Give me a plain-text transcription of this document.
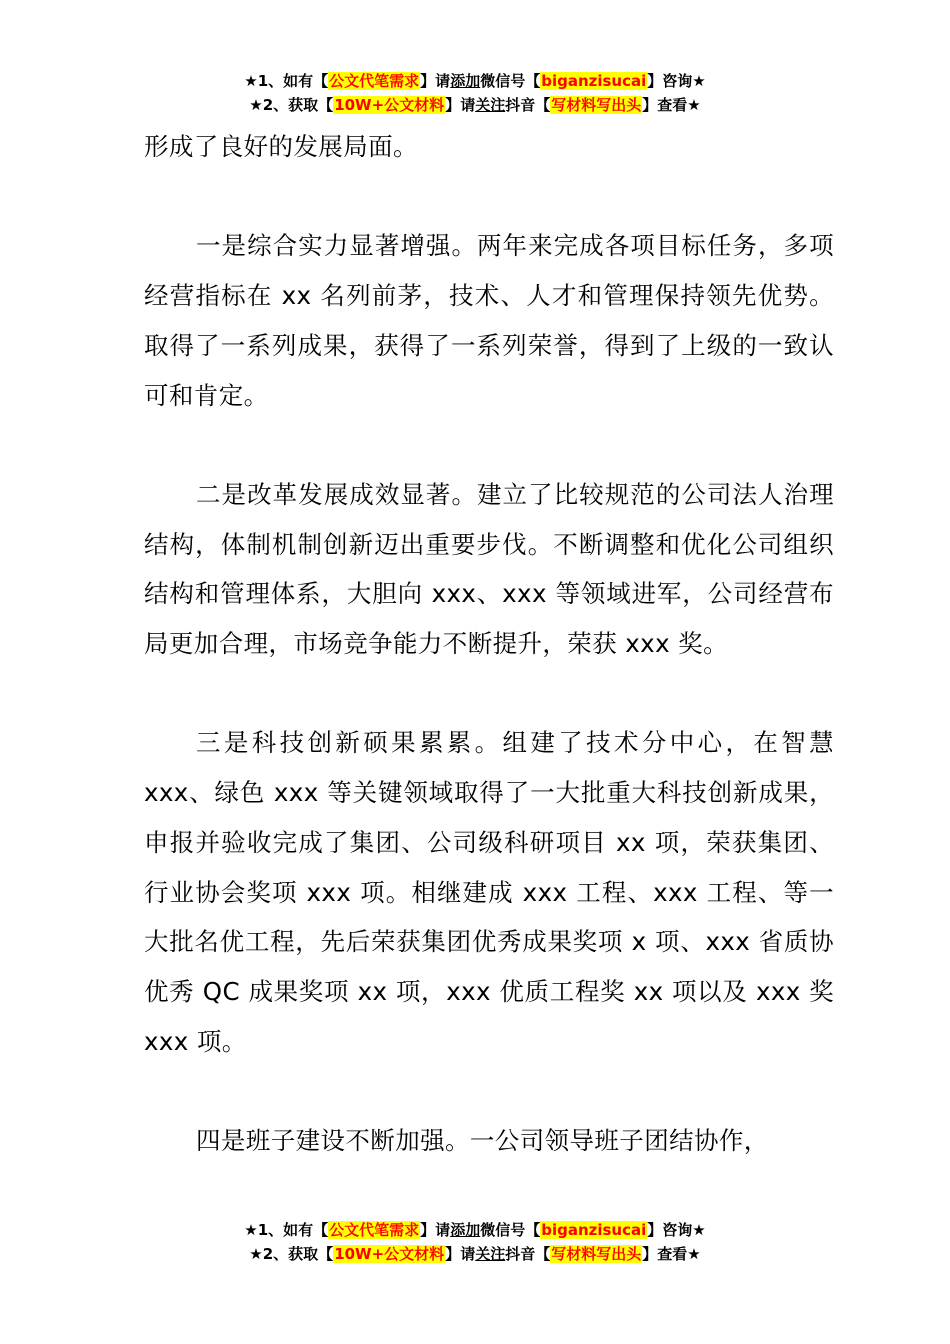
★1、如有【公文代笔需求】请添加微信号【biganzisucai】咨询★
★2、获取【10W+公文材料】请关注抖音【写材料写出头】查看★

形成了良好的发展局面。

一是综合实力显著增强。两年来完成各项目标任务，多项经营指标在 xx 名列前茅，技术、人才和管理保持领先优势。取得了一系列成果，获得了一系列荣誉，得到了上级的一致认可和肯定。

二是改革发展成效显著。建立了比较规范的公司法人治理结构，体制机制创新迈出重要步伐。不断调整和优化公司组织结构和管理体系，大胆向 xxx、xxx 等领域进军，公司经营布局更加合理，市场竞争能力不断提升，荣获 xxx 奖。

三是科技创新硕果累累。组建了技术分中心，在智慧 xxx、绿色 xxx 等关键领域取得了一大批重大科技创新成果，申报并验收完成了集团、公司级科研项目 xx 项，荣获集团、行业协会奖项 xxx 项。相继建成 xxx 工程、xxx 工程、等一大批名优工程，先后荣获集团优秀成果奖项 x 项、xxx 省质协优秀 QC 成果奖项 xx 项，xxx 优质工程奖 xx 项以及 xxx 奖 xxx 项。

四是班子建设不断加强。一公司领导班子团结协作，

★1、如有【公文代笔需求】请添加微信号【biganzisucai】咨询★
★2、获取【10W+公文材料】请关注抖音【写材料写出头】查看★
